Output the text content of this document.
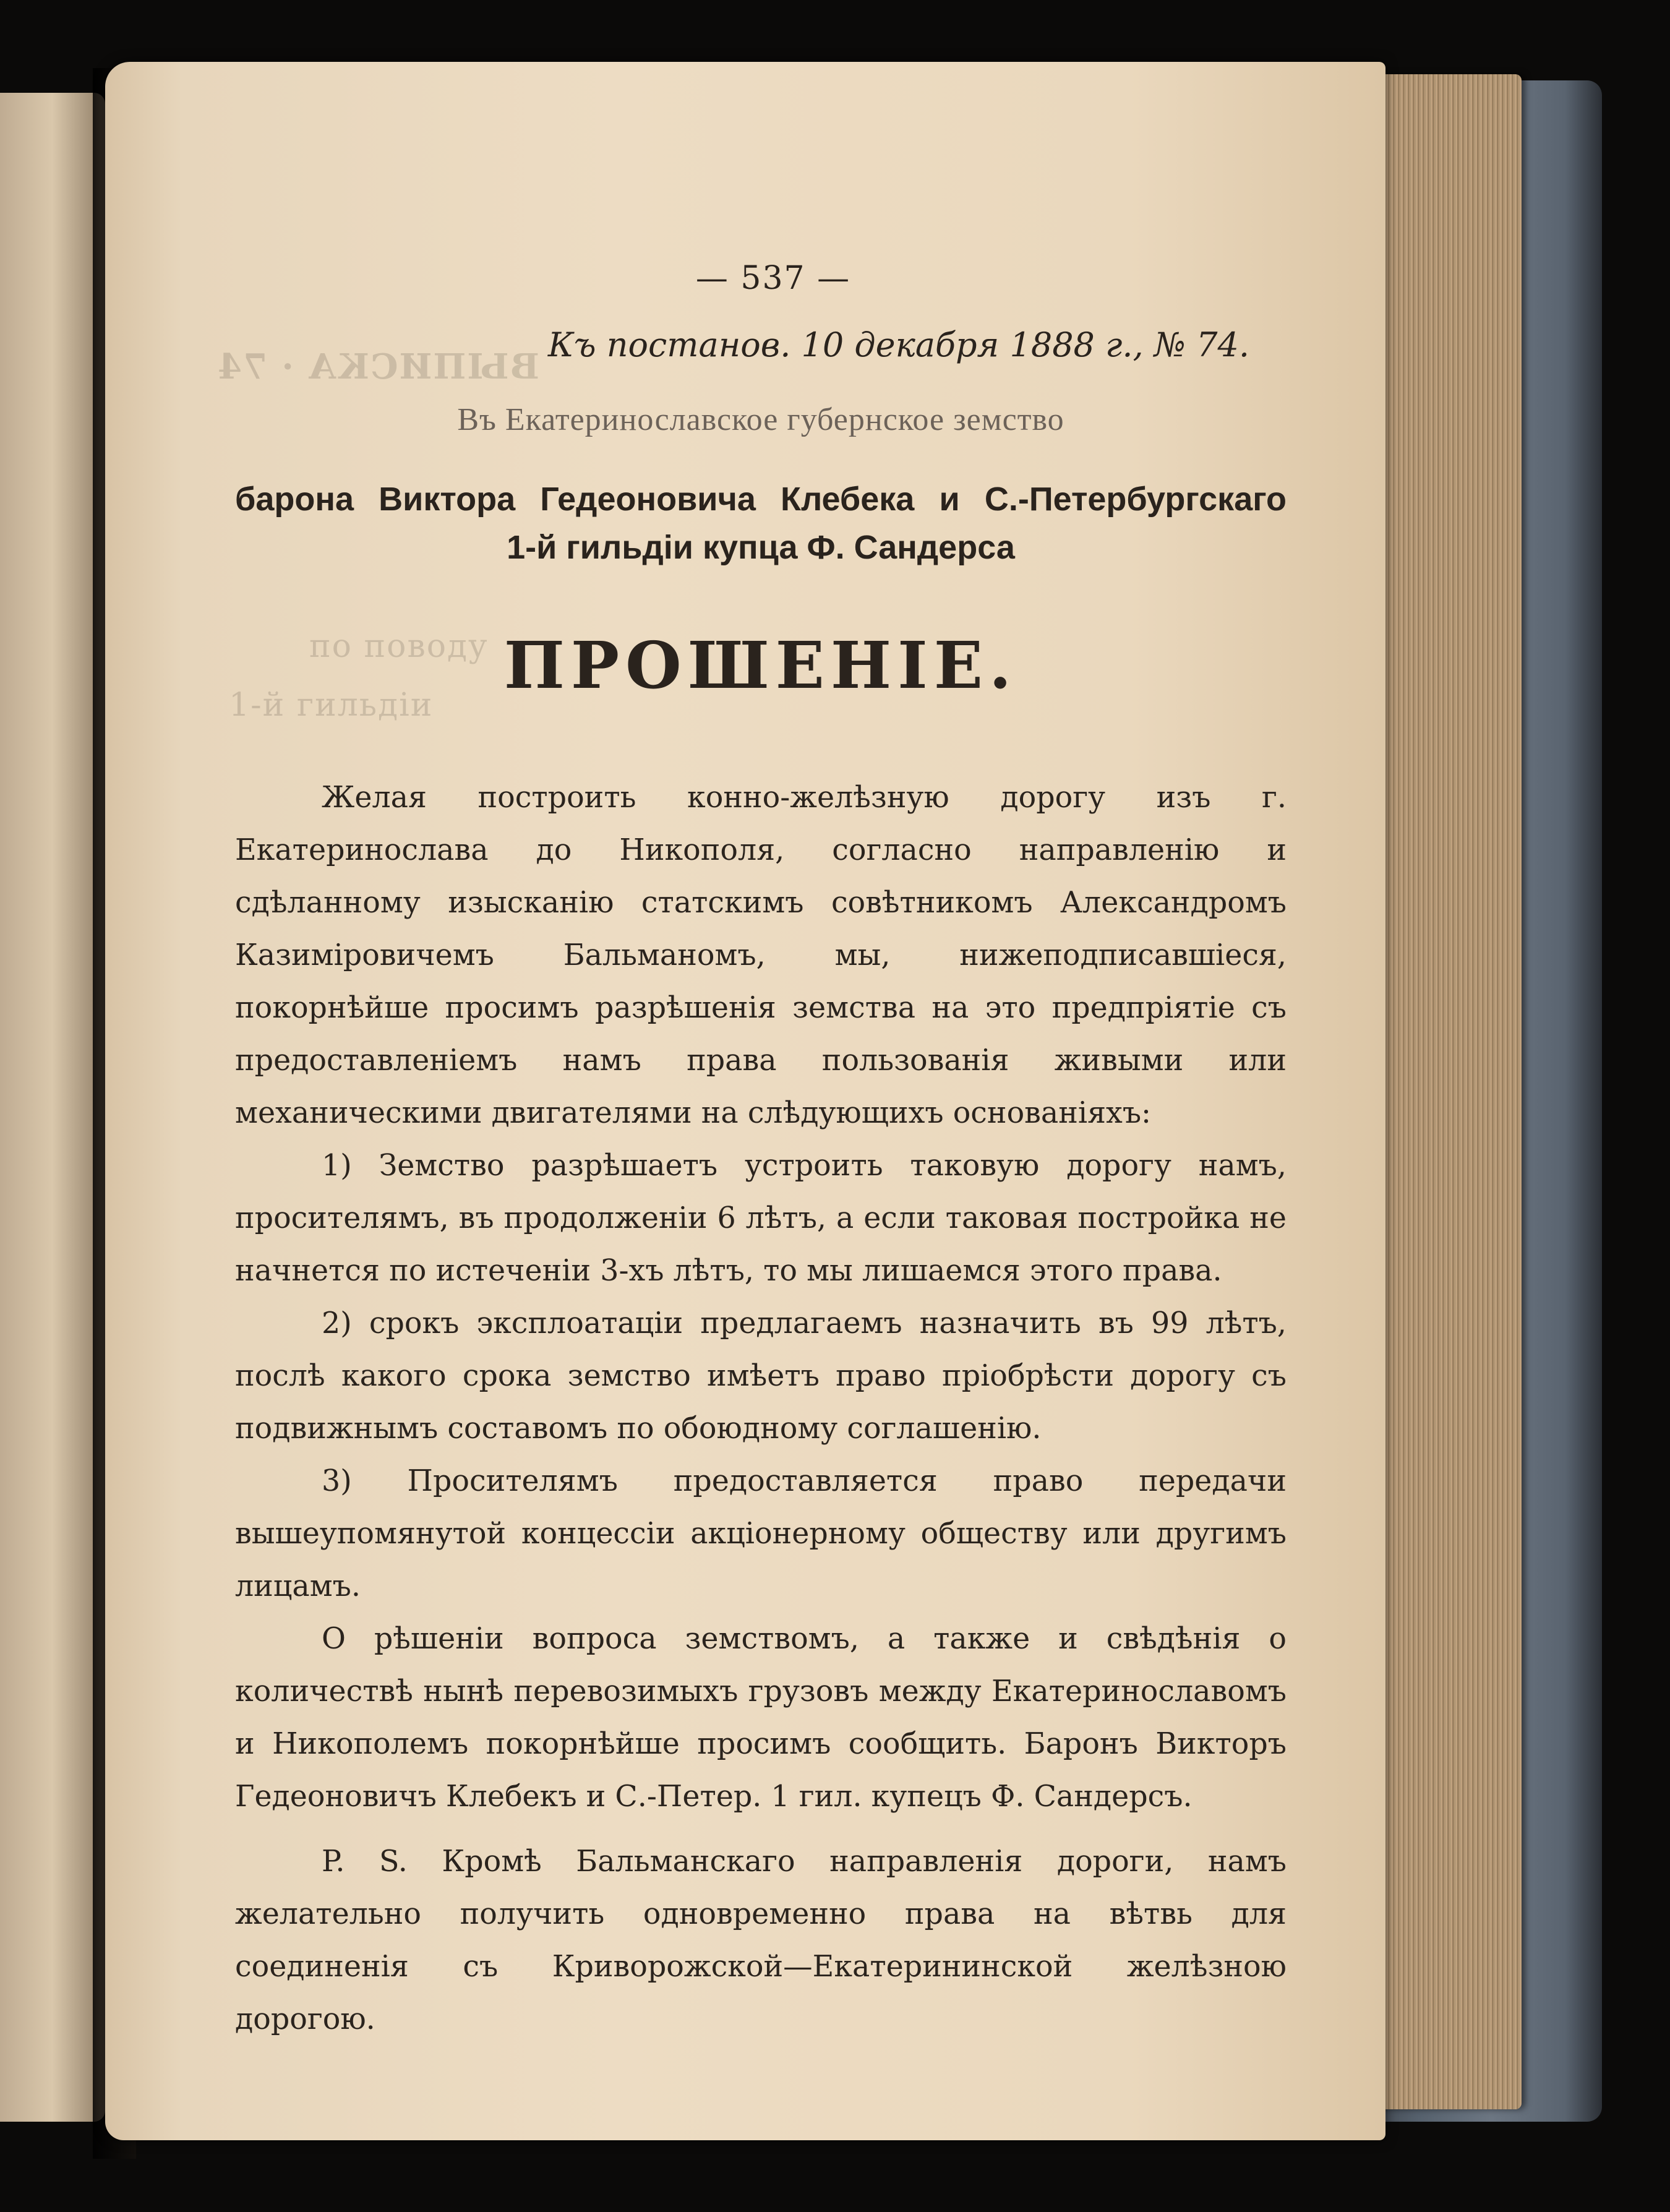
ВЫПИСКА · 74
по поводу
1-й гильдіи
— 537 —
Къ постанов. 10 декабря 1888 г., № 74.
Въ Екатеринославское губернское земство
барона Виктора Гедеоновича Клебека и С.-Петербургскаго
1-й гильдіи купца Ф. Сандерса
ПРОШЕНІЕ.

Желая построить конно-желѣзную дорогу изъ г. Екатеринослава до Никополя, согласно направленію и сдѣланному изысканію статскимъ совѣтникомъ Александромъ Казиміровичемъ Бальманомъ, мы, нижеподписавшіеся, покорнѣйше просимъ разрѣшенія земства на это предпріятіе съ предоставленіемъ намъ права пользованія живыми или механическими двигателями на слѣдующихъ основаніяхъ:

1) Земство разрѣшаетъ устроить таковую дорогу намъ, просителямъ, въ продолженіи 6 лѣтъ, а если таковая постройка не начнется по истеченіи 3-хъ лѣтъ, то мы лишаемся этого права.

2) срокъ эксплоатаціи предлагаемъ назначить въ 99 лѣтъ, послѣ какого срока земство имѣетъ право пріобрѣсти дорогу съ подвижнымъ составомъ по обоюдному соглашенію.

3) Просителямъ предоставляется право передачи вышеупомянутой концессіи акціонерному обществу или другимъ лицамъ.

О рѣшеніи вопроса земствомъ, а также и свѣдѣнія о количествѣ нынѣ перевозимыхъ грузовъ между Екатеринославомъ и Никополемъ покорнѣйше просимъ сообщить. Баронъ Викторъ Гедеоновичъ Клебекъ и С.-Петер. 1 гил. купецъ Ф. Сандерсъ.

P. S. Кромѣ Бальманскаго направленія дороги, намъ желательно получить одновременно права на вѣтвь для соединенія съ Криворожской—Екатерининской желѣзною дорогою.
